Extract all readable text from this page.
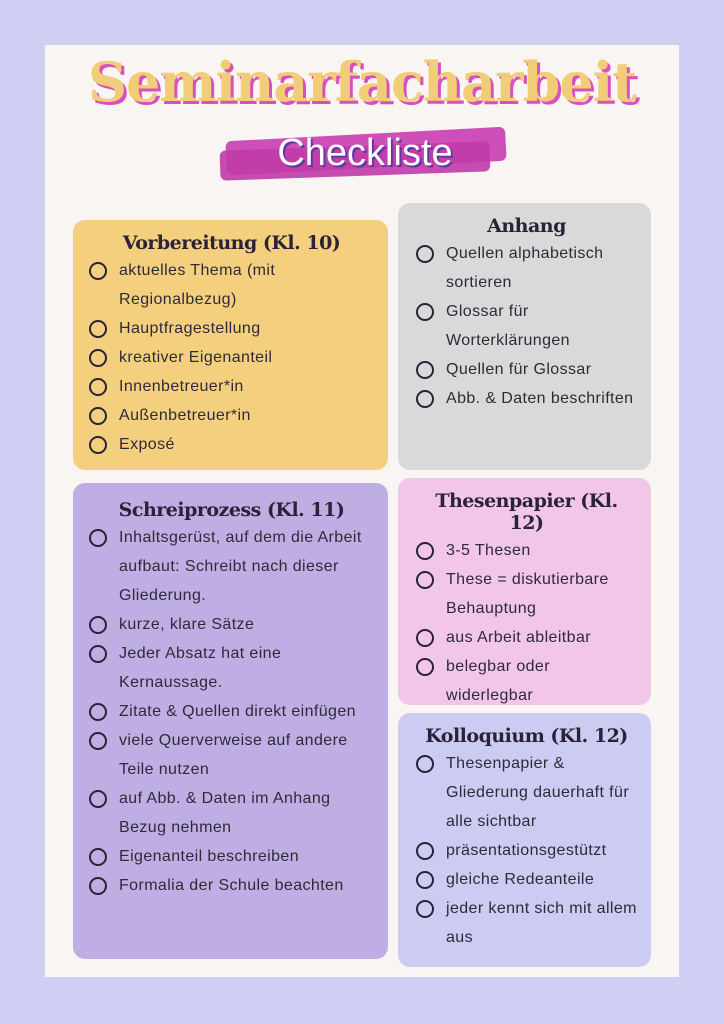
Seminarfacharbeit
Checkliste
Vorbereitung (Kl. 10)
aktuelles Thema (mit Regionalbezug)
Hauptfragestellung
kreativer Eigenanteil
Innenbetreuer*in
Außenbetreuer*in
Exposé
Anhang
Quellen alphabetisch sortieren
Glossar für Worterklärungen
Quellen für Glossar
Abb. & Daten beschriften
Schreiprozess (Kl. 11)
Inhaltsgerüst, auf dem die Arbeit aufbaut: Schreibt nach dieser Gliederung.
kurze, klare Sätze
Jeder Absatz hat eine Kernaussage.
Zitate & Quellen direkt einfügen
viele Querverweise auf andere Teile nutzen
auf Abb. & Daten im Anhang Bezug nehmen
Eigenanteil beschreiben
Formalia der Schule beachten
Thesenpapier (Kl. 12)
3-5 Thesen
These = diskutierbare Behauptung
aus Arbeit ableitbar
belegbar oder widerlegbar
Kolloquium (Kl. 12)
Thesenpapier & Gliederung dauerhaft für alle sichtbar
präsentationsgestützt
gleiche Redeanteile
jeder kennt sich mit allem aus
